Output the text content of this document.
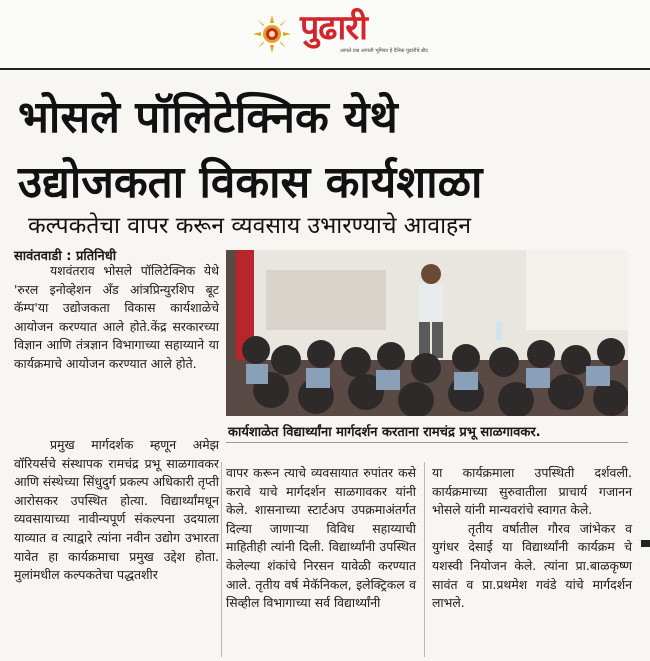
पुढारी
आपले प्रश्न आपली भूमिका हे दैनिक पुढारीचे ब्रीद
भोसले पॉलिटेक्निक येथे
उद्योजकता विकास कार्यशाळा
कल्पकतेचा वापर करून व्यवसाय उभारण्याचे आवाहन
सावंतवाडी : प्रतिनिधी

यशवंतराव भोसले पॉलिटेक्निक येथे 'रुरल इनोव्हेशन अँड आंत्रप्रिन्युरशिप बूट कॅम्प'या उद्योजकता विकास कार्यशाळेचे आयोजन करण्यात आले होते.केंद्र सरकारच्या विज्ञान आणि तंत्रज्ञान विभागाच्या सहाय्याने या कार्यक्रमाचे आयोजन करण्यात आले होते.

प्रमुख मार्गदर्शक म्हणून अमेझ वॉरियर्सचे संस्थापक रामचंद्र प्रभू साळगावकर आणि संस्थेच्या सिंधुदुर्ग प्रकल्प अधिकारी तृप्ती आरोसकर उपस्थित होत्या. विद्यार्थ्यांमधून व्यवसायाच्या नावीन्यपूर्ण संकल्पना उदयाला याव्यात व त्याद्वारे त्यांना नवीन उद्योग उभारता यावेत हा कार्यक्रमाचा प्रमुख उद्देश होता. मुलांमधील कल्पकतेचा पद्धतशीर

कार्यशाळेत विद्यार्थ्यांना मार्गदर्शन करताना रामचंद्र प्रभू साळगावकर.

वापर करून त्याचे व्यवसायात रुपांतर कसे करावे याचे मार्गदर्शन साळगावकर यांनी केले. शासनाच्या स्टार्टअप उपक्रमाअंतर्गत दिल्या जाणाऱ्या विविध सहाय्याची माहितीही त्यांनी दिली. विद्यार्थ्यांनी उपस्थित केलेल्या शंकांचे निरसन यावेळी करण्यात आले. तृतीय वर्ष मेकॅनिकल, इलेक्ट्रिकल व सिव्हील विभागाच्या सर्व विद्यार्थ्यांनी

या कार्यक्रमाला उपस्थिती दर्शवली. कार्यक्रमाच्या सुरुवातीला प्राचार्य गजानन भोसले यांनी मान्यवरांचे स्वागत केले.

तृतीय वर्षातील गौरव जांभेकर व युगंधर देसाई या विद्यार्थ्यांनी कार्यक्रम चे यशस्वी नियोजन केले. त्यांना प्रा.बाळकृष्ण सावंत व प्रा.प्रथमेश गवंडे यांचे मार्गदर्शन लाभले.
